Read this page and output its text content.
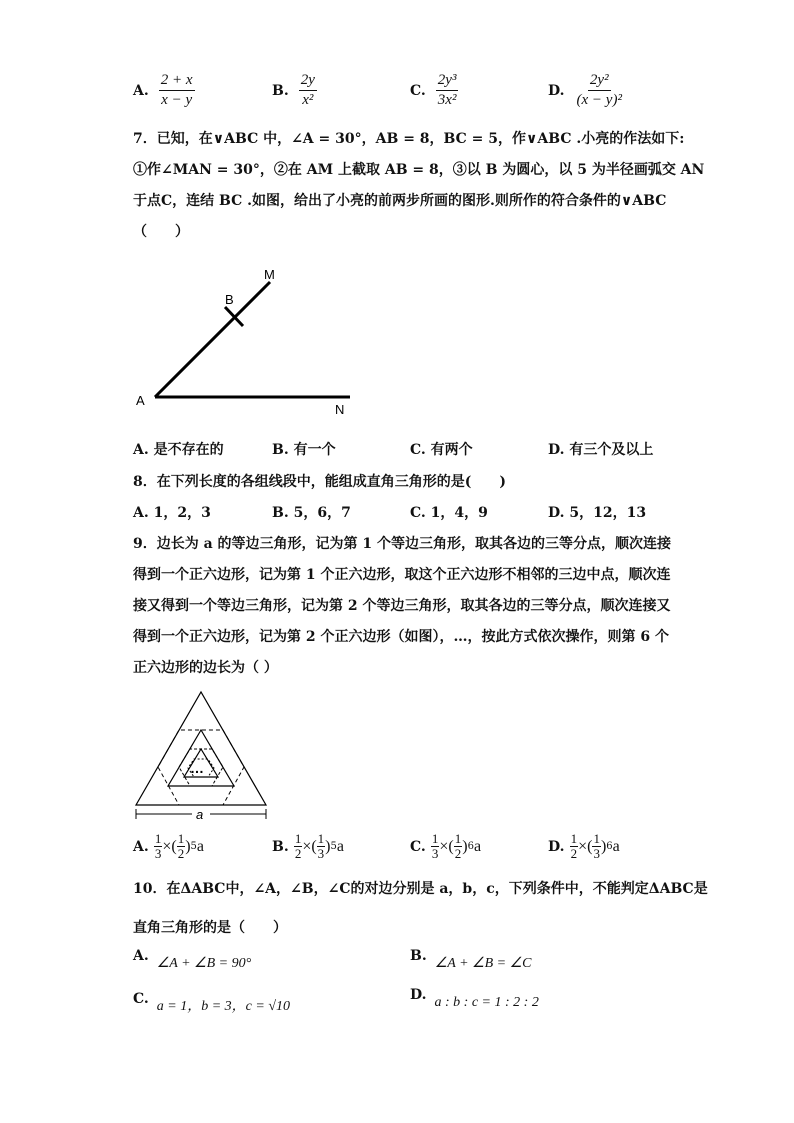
A. $\frac{2 + x}{x - y}$	B. $\frac{2y}{\text{x²}}$	C. $\frac{\text{2y³}}{\text{3x²}}$	D. $\frac{\text{2y²}}{\text{(x − y)²}}$
7．已知，在∨ABC 中，∠A = 30°，AB = 8，BC = 5，作∨ABC .小亮的作法如下:
①作∠MAN = 30°，②在 AM 上截取 AB = 8，③以 B 为圆心，以 5 为半径画弧交 AN
于点C，连结 BC .如图，给出了小亮的前两步所画的图形.则所作的符合条件的∨ABC
（　　）
A
B
M
N
A. 是不存在的	B. 有一个	C. 有两个	D. 有三个及以上
8．在下列长度的各组线段中，能组成直角三角形的是(　　)
A. 1，2，3	B. 5，6，7	C. 1，4，9	D. 5，12，13
9．边长为 a 的等边三角形，记为第 1 个等边三角形，取其各边的三等分点，顺次连接
得到一个正六边形，记为第 1 个正六边形，取这个正六边形不相邻的三边中点，顺次连
接又得到一个等边三角形，记为第 2 个等边三角形，取其各边的三等分点，顺次连接又
得到一个正六边形，记为第 2 个正六边形（如图），…，按此方式依次操作，则第 6 个
正六边形的边长为（ ）
…
a
A.
$\frac{1}{3}$ ×( 1
2 ) 5 a	B.
$\frac{1}{2}$ ×( 1
3 ) 5 a	C.
$\frac{1}{3}$ ×( 1
2 ) 6 a	D.
$\frac{1}{2}$ ×( 1
3 ) 6 a
10．在ΔABC中，∠A，∠B，∠C的对边分别是 a，b，c，下列条件中，不能判定ΔABC是
直角三角形的是（　　）
A. ∠A + ∠B = 90°	B. ∠A + ∠B = ∠C
C. a = 1，b = 3，c = √10
D. a : b : c = 1 : 2 : 2
